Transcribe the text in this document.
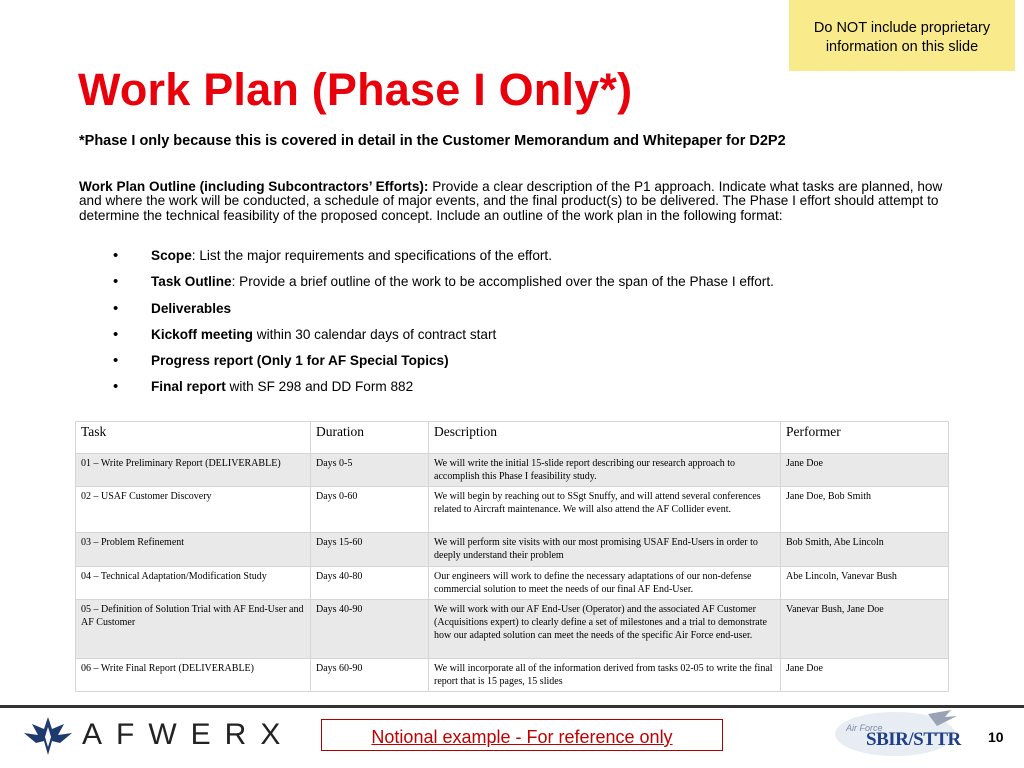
Do NOT include proprietary information on this slide
Work Plan (Phase I Only*)
*Phase I only because this is covered in detail in the Customer Memorandum and Whitepaper for D2P2
Work Plan Outline (including Subcontractors’ Efforts): Provide a clear description of the P1 approach. Indicate what tasks are planned, how and where the work will be conducted, a schedule of major events, and the final product(s) to be delivered. The Phase I effort should attempt to determine the technical feasibility of the proposed concept. Include an outline of the work plan in the following format:
• Scope: List the major requirements and specifications of the effort.
• Task Outline: Provide a brief outline of the work to be accomplished over the span of the Phase I effort.
• Deliverables
• Kickoff meeting within 30 calendar days of contract start
• Progress report (Only 1 for AF Special Topics)
• Final report with SF 298 and DD Form 882
Task	Duration	Description	Performer
01 – Write Preliminary Report (DELIVERABLE)	Days 0-5	We will write the initial 15-slide report describing our research approach to accomplish this Phase I feasibility study.	Jane Doe
02 – USAF Customer Discovery	Days 0-60	We will begin by reaching out to SSgt Snuffy, and will attend several conferences related to Aircraft maintenance. We will also attend the AF Collider event.	Jane Doe, Bob Smith
03 – Problem Refinement	Days 15-60	We will perform site visits with our most promising USAF End-Users in order to deeply understand their problem	Bob Smith, Abe Lincoln
04 – Technical Adaptation/Modification Study	Days 40-80	Our engineers will work to define the necessary adaptations of our non-defense commercial solution to meet the needs of our final AF End-User.	Abe Lincoln, Vanevar Bush
05 – Definition of Solution Trial with AF End-User and AF Customer	Days 40-90	We will work with our AF End-User (Operator) and the associated AF Customer (Acquisitions expert) to clearly define a set of milestones and a trial to demonstrate how our adapted solution can meet the needs of the specific Air Force end-user.	Vanevar Bush, Jane Doe
06 – Write Final Report (DELIVERABLE)	Days 60-90	We will incorporate all of the information derived from tasks 02-05 to write the final report that is 15 pages, 15 slides	Jane Doe
AFWERX	Notional example - For reference only	Air Force
SBIR/STTR 10
